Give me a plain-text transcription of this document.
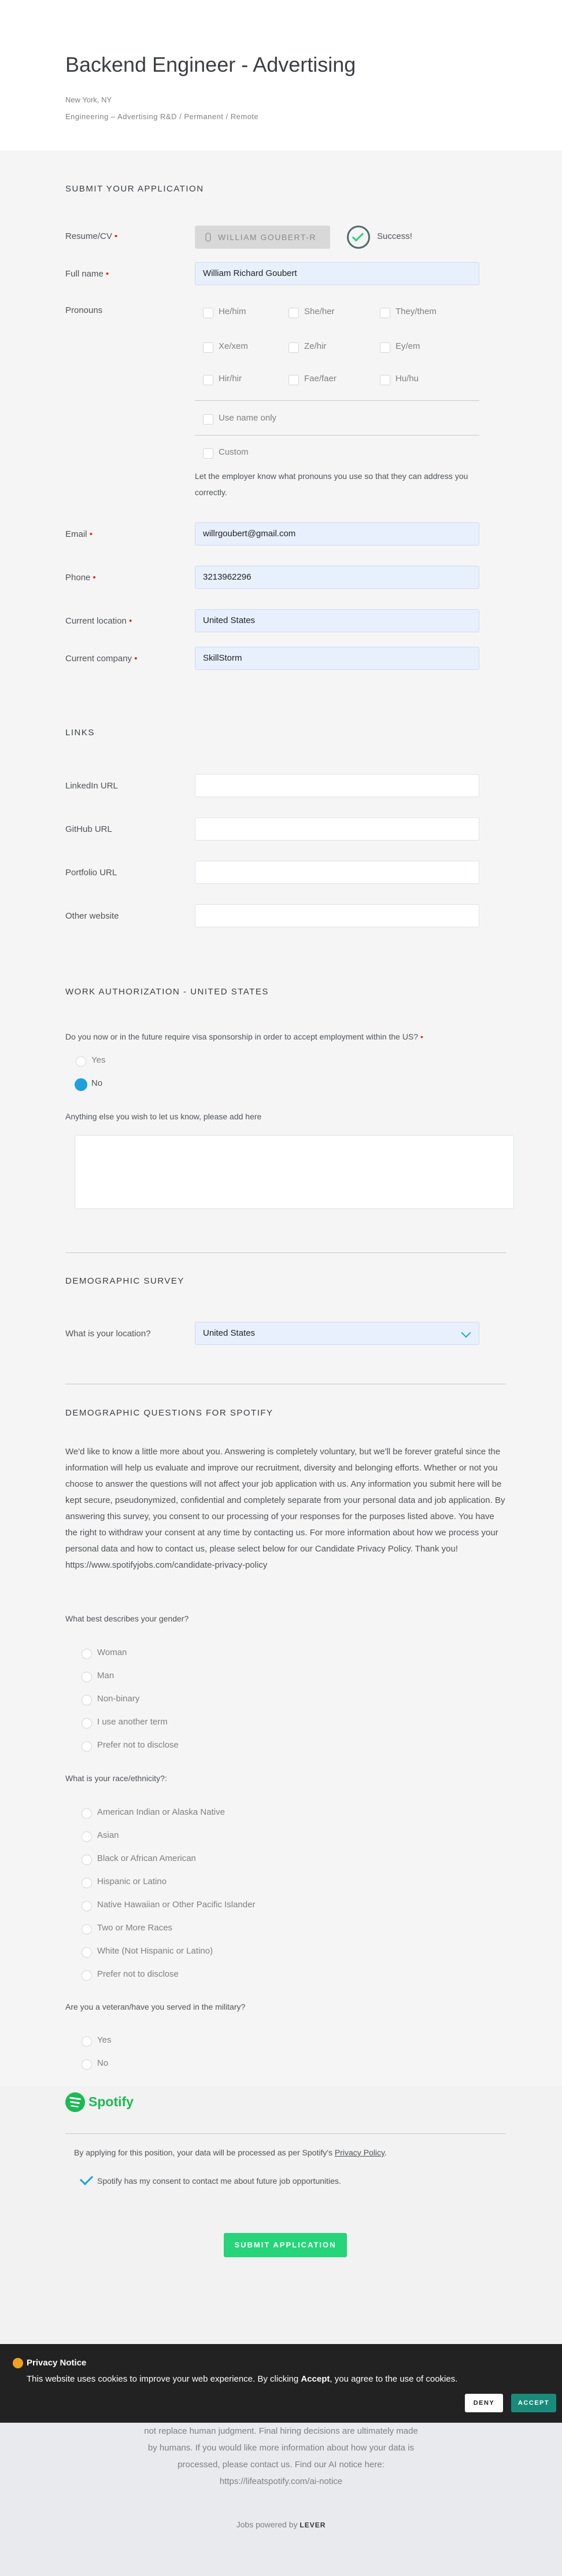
Backend Engineer - Advertising
New York, NY
Engineering – Advertising R&D / Permanent / Remote
SUBMIT YOUR APPLICATION
Resume/CV •	WILLIAM GOUBERT-R	Success!
Full name •	William Richard Goubert
Pronouns	He/him	She/her	They/them
Xe/xem	Ze/hir	Ey/em
Hir/hir	Fae/faer	Hu/hu
Use name only
Custom
Let the employer know what pronouns you use so that they can address you correctly.
Email •	willrgoubert@gmail.com
Phone •	3213962296
Current location •	United States
Current company •	SkillStorm
LINKS
LinkedIn URL
GitHub URL
Portfolio URL
Other website
WORK AUTHORIZATION - UNITED STATES
Do you now or in the future require visa sponsorship in order to accept employment within the US? •
Yes
No
Anything else you wish to let us know, please add here
DEMOGRAPHIC SURVEY
What is your location?	United States
DEMOGRAPHIC QUESTIONS FOR SPOTIFY
We'd like to know a little more about you. Answering is completely voluntary, but we'll be forever grateful since the information will help us evaluate and improve our recruitment, diversity and belonging efforts. Whether or not you choose to answer the questions will not affect your job application with us. Any information you submit here will be kept secure, pseudonymized, confidential and completely separate from your personal data and job application. By answering this survey, you consent to our processing of your responses for the purposes listed above. You have the right to withdraw your consent at any time by contacting us. For more information about how we process your personal data and how to contact us, please select below for our Candidate Privacy Policy. Thank you! https://www.spotifyjobs.com/candidate-privacy-policy
What best describes your gender?
Woman
Man
Non-binary
I use another term
Prefer not to disclose
What is your race/ethnicity?:
American Indian or Alaska Native
Asian
Black or African American
Hispanic or Latino
Native Hawaiian or Other Pacific Islander
Two or More Races
White (Not Hispanic or Latino)
Prefer not to disclose
Are you a veteran/have you served in the military?
Yes
No
Spotify
By applying for this position, your data will be processed as per Spotify's Privacy Policy.
Spotify has my consent to contact me about future job opportunities.
SUBMIT APPLICATION
Privacy Notice
This website uses cookies to improve your web experience. By clicking Accept, you agree to the use of cookies.
DENY	ACCEPT
not replace human judgment. Final hiring decisions are ultimately made by humans. If you would like more information about how your data is processed, please contact us. Find our AI notice here: https://lifeatspotify.com/ai-notice
Jobs powered by LEVER
